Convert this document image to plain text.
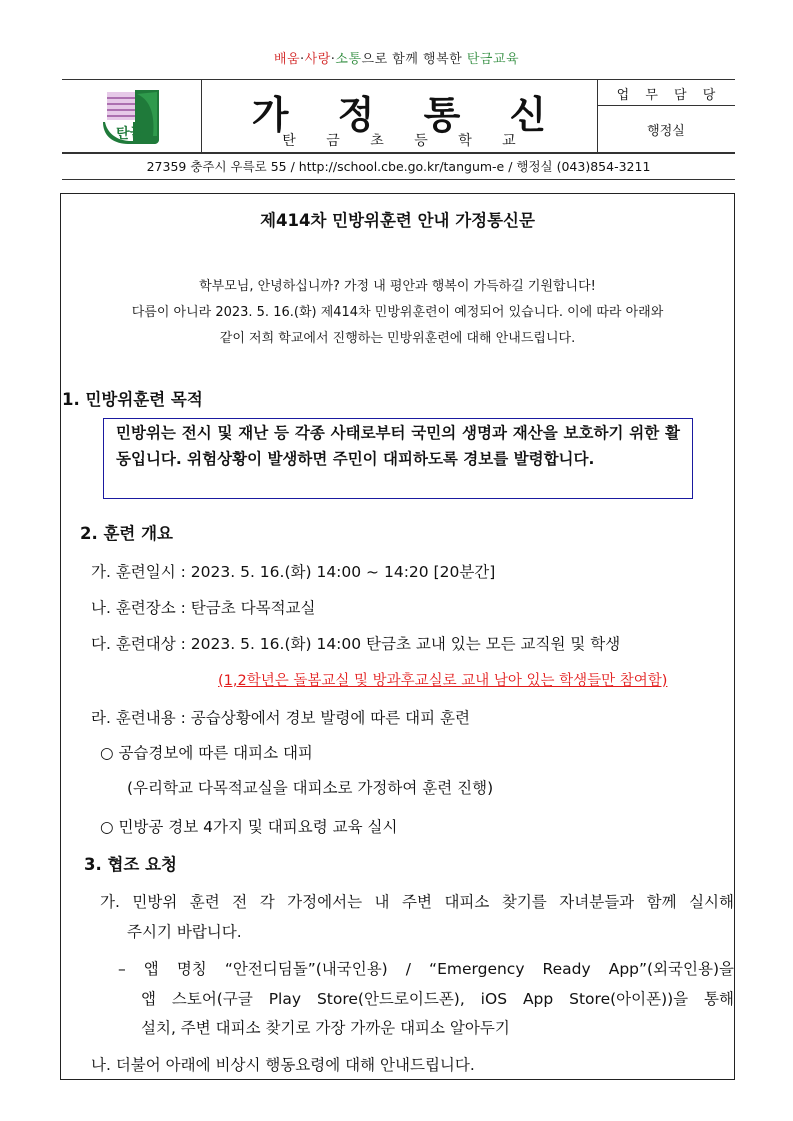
배움·사랑·소통으로 함께 행복한 탄금교육
탄금	가 정 통 신
탄 금 초 등 학 교
업 무 담 당
행정실
27359 충주시 우륵로 55 / http://school.cbe.go.kr/tangum-e / 행정실 (043)854-3211
제414차 민방위훈련 안내 가정통신문
학부모님, 안녕하십니까? 가정 내 평안과 행복이 가득하길 기원합니다!
다름이 아니라 2023. 5. 16.(화) 제414차 민방위훈련이 예정되어 있습니다. 이에 따라 아래와
같이 저희 학교에서 진행하는 민방위훈련에 대해 안내드립니다.
1. 민방위훈련 목적
민방위는 전시 및 재난 등 각종 사태로부터 국민의 생명과 재산을 보호하기 위한 활동입니다. 위험상황이 발생하면 주민이 대피하도록 경보를 발령합니다.
2. 훈련 개요
가. 훈련일시 : 2023. 5. 16.(화) 14:00 ~ 14:20 [20분간]
나. 훈련장소 : 탄금초 다목적교실
다. 훈련대상 : 2023. 5. 16.(화) 14:00 탄금초 교내 있는 모든 교직원 및 학생
(1,2학년은 돌봄교실 및 방과후교실로 교내 남아 있는 학생들만 참여함)
라. 훈련내용 : 공습상황에서 경보 발령에 따른 대피 훈련
○ 공습경보에 따른 대피소 대피
(우리학교 다목적교실을 대피소로 가정하여 훈련 진행)
○ 민방공 경보 4가지 및 대피요령 교육 실시
3. 협조 요청
가. 민방위 훈련 전 각 가정에서는 내 주변 대피소 찾기를 자녀분들과 함께 실시해
주시기 바랍니다.
– 앱 명칭 “안전디딤돌”(내국인용) / “Emergency Ready App”(외국인용)을
앱 스토어(구글 Play Store(안드로이드폰), iOS App Store(아이폰))을 통해
설치, 주변 대피소 찾기로 가장 가까운 대피소 알아두기
나. 더불어 아래에 비상시 행동요령에 대해 안내드립니다.
